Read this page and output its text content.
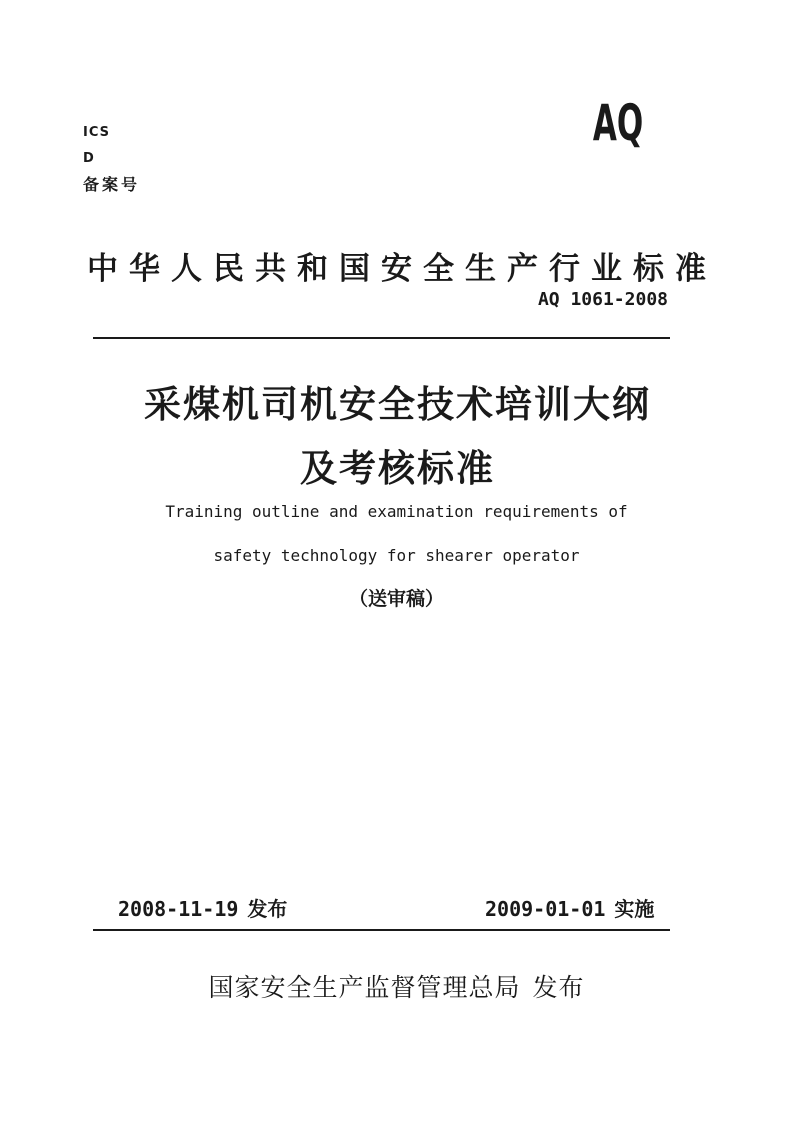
ICS
D
备案号
AQ
中华人民共和国安全生产行业标准
AQ 1061-2008
采煤机司机安全技术培训大纲
及考核标准
Training outline and examination requirements of
safety technology for shearer operator
（送审稿）
2008-11-19 发布	2009-01-01 实施
国家安全生产监督管理总局 发布
